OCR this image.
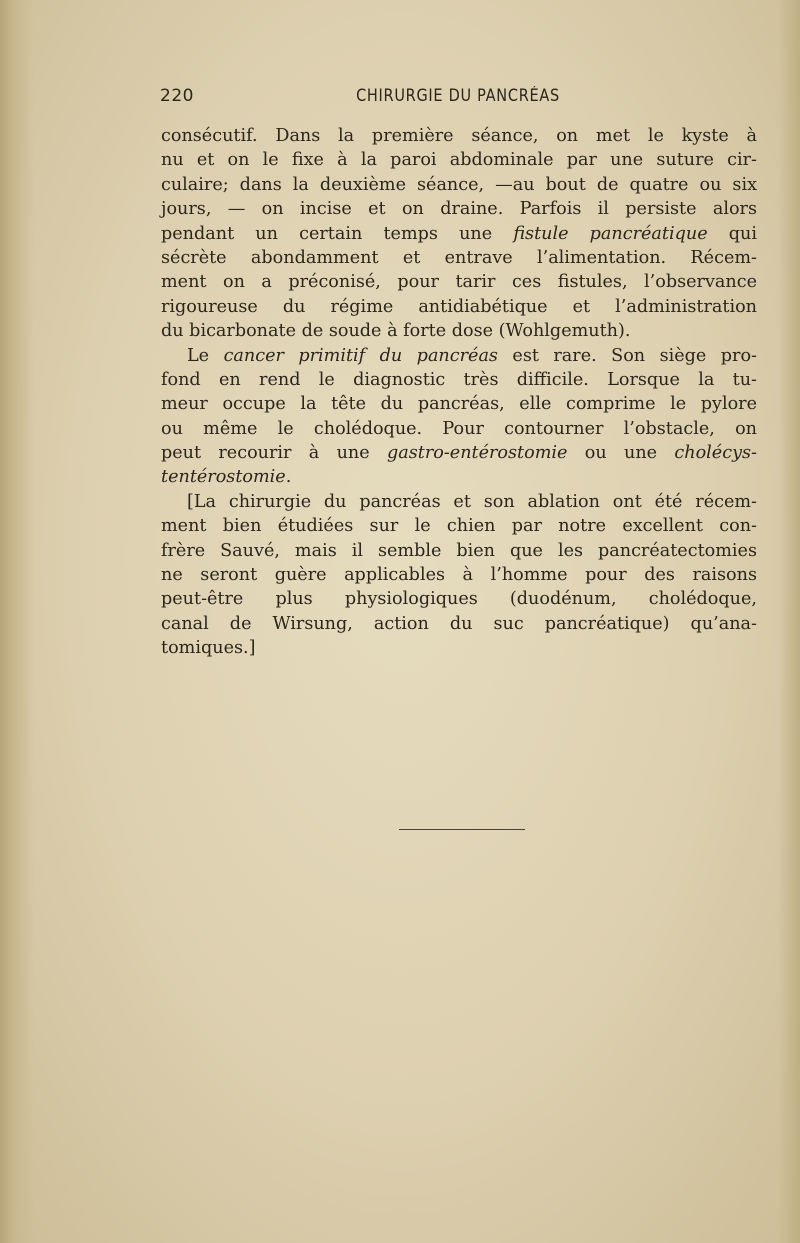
220	CHIRURGIE DU PANCRÉAS
consécutif. Dans la première séance, on met le kyste à
nu et on le fixe à la paroi abdominale par une suture cir-
culaire; dans la deuxième séance, —au bout de quatre ou six
jours, — on incise et on draine. Parfois il persiste alors
pendant un certain temps une fistule pancréatique qui
sécrète abondamment et entrave l’alimentation. Récem-
ment on a préconisé, pour tarir ces fistules, l’observance
rigoureuse du régime antidiabétique et l’administration
du bicarbonate de soude à forte dose (Wohlgemuth).
Le cancer primitif du pancréas est rare. Son siège pro-
fond en rend le diagnostic très difficile. Lorsque la tu-
meur occupe la tête du pancréas, elle comprime le pylore
ou même le cholédoque. Pour contourner l’obstacle, on
peut recourir à une gastro-entérostomie ou une cholécys-
tentérostomie.
[La chirurgie du pancréas et son ablation ont été récem-
ment bien étudiées sur le chien par notre excellent con-
frère Sauvé, mais il semble bien que les pancréatectomies
ne seront guère applicables à l’homme pour des raisons
peut-être plus physiologiques (duodénum, cholédoque,
canal de Wirsung, action du suc pancréatique) qu’ana-
tomiques.]
